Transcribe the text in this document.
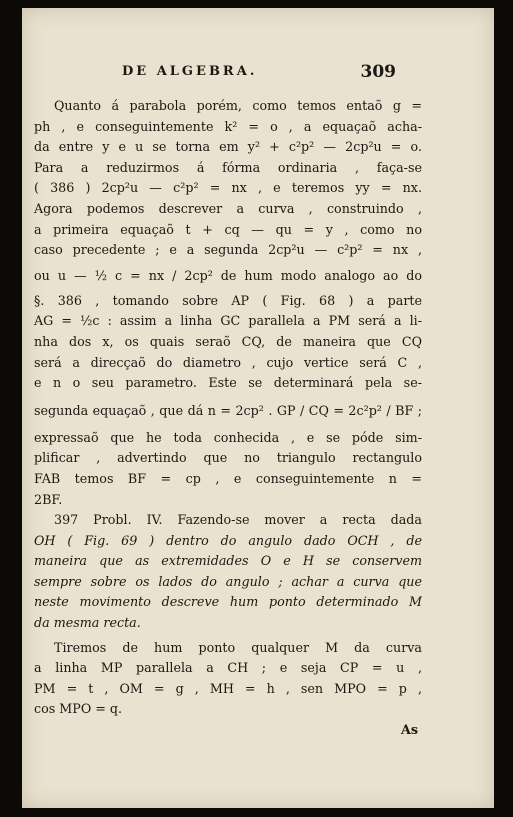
DE ALGEBRA.	309

Quanto á parabola porém, como temos entaõ g =
ph , e conseguintemente k² = o , a equaçaõ acha-
da entre y e u se torna em y² + c²p² — 2cp²u = o.
Para a reduzirmos á fórma ordinaria , faça-se
( 386 ) 2cp²u — c²p² = nx , e teremos yy = nx.
Agora podemos descrever a curva , construindo ,
a primeira equaçaõ t + cq — qu = y , como no
caso precedente ; e a segunda 2cp²u — c²p² = nx ,
ou u — ½ c = nx / 2cp² de hum modo analogo ao do
§. 386 , tomando sobre AP ( Fig. 68 ) a parte
AG = ½c : assim a linha GC parallela a PM será a li-
nha dos x, os quais seraõ CQ, de maneira que CQ
será a direcçaõ do diametro , cujo vertice será C ,
e n o seu parametro. Este se determinará pela se-
segunda equaçaõ , que dá n = 2cp² . GP / CQ = 2c²p² / BF ;
expressaõ que he toda conhecida , e se póde sim-
plificar , advertindo que no triangulo rectangulo
FAB temos BF = cp , e conseguintemente n =
2BF.

397 Probl. IV. Fazendo-se mover a recta dada
OH ( Fig. 69 ) dentro do angulo dado OCH , de
maneira que as extremidades O e H se conservem
sempre sobre os lados do angulo ; achar a curva que
neste movimento descreve hum ponto determinado M
da mesma recta.

Tiremos de hum ponto qualquer M da curva
a linha MP parallela a CH ; e seja CP = u ,
PM = t , OM = g , MH = h , sen MPO = p ,
cos MPO = q.

As
